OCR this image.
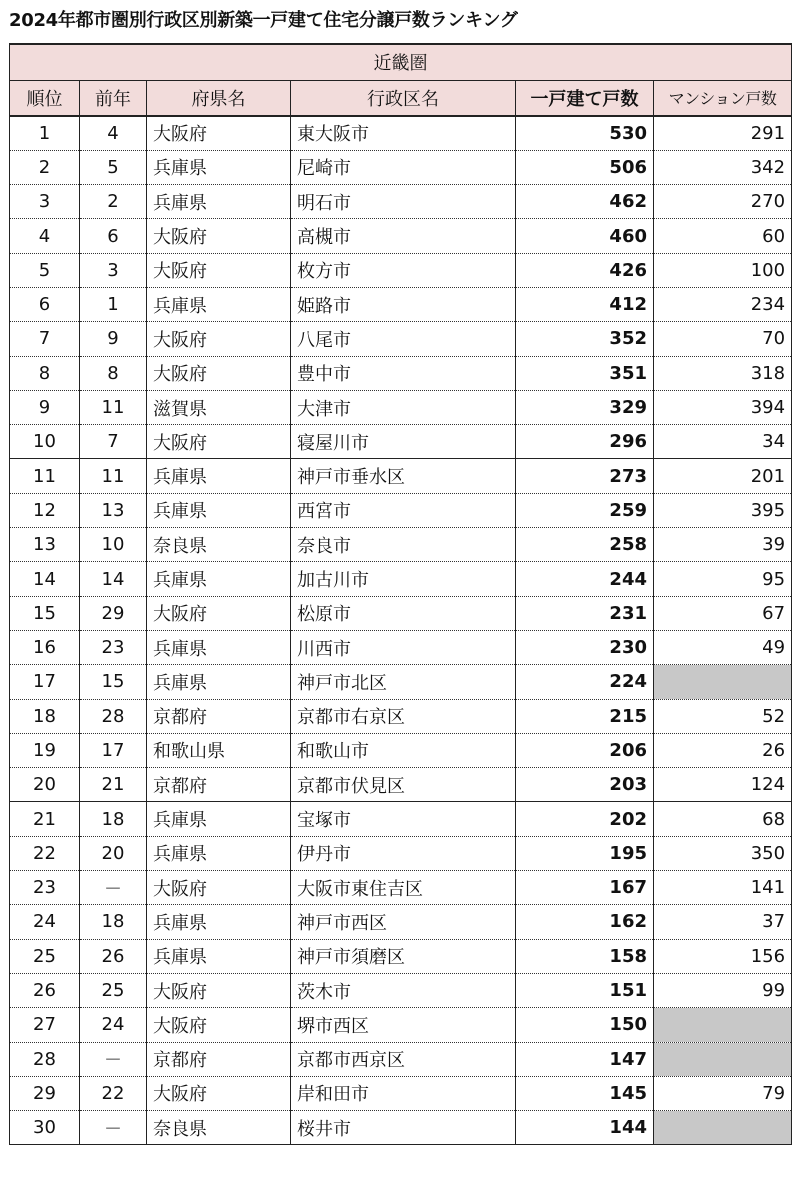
2024年都市圏別行政区別新築一戸建て住宅分譲戸数ランキング
近畿圏					
順位	前年	府県名	行政区名	一戸建て戸数	マンション戸数
1	4	大阪府	東大阪市	530	291
2	5	兵庫県	尼崎市	506	342
3	2	兵庫県	明石市	462	270
4	6	大阪府	高槻市	460	60
5	3	大阪府	枚方市	426	100
6	1	兵庫県	姫路市	412	234
7	9	大阪府	八尾市	352	70
8	8	大阪府	豊中市	351	318
9	11	滋賀県	大津市	329	394
10	7	大阪府	寝屋川市	296	34
11	11	兵庫県	神戸市垂水区	273	201
12	13	兵庫県	西宮市	259	395
13	10	奈良県	奈良市	258	39
14	14	兵庫県	加古川市	244	95
15	29	大阪府	松原市	231	67
16	23	兵庫県	川西市	230	49
17	15	兵庫県	神戸市北区	224	
18	28	京都府	京都市右京区	215	52
19	17	和歌山県	和歌山市	206	26
20	21	京都府	京都市伏見区	203	124
21	18	兵庫県	宝塚市	202	68
22	20	兵庫県	伊丹市	195	350
23	－	大阪府	大阪市東住吉区	167	141
24	18	兵庫県	神戸市西区	162	37
25	26	兵庫県	神戸市須磨区	158	156
26	25	大阪府	茨木市	151	99
27	24	大阪府	堺市西区	150	
28	－	京都府	京都市西京区	147	
29	22	大阪府	岸和田市	145	79
30	－	奈良県	桜井市	144	
